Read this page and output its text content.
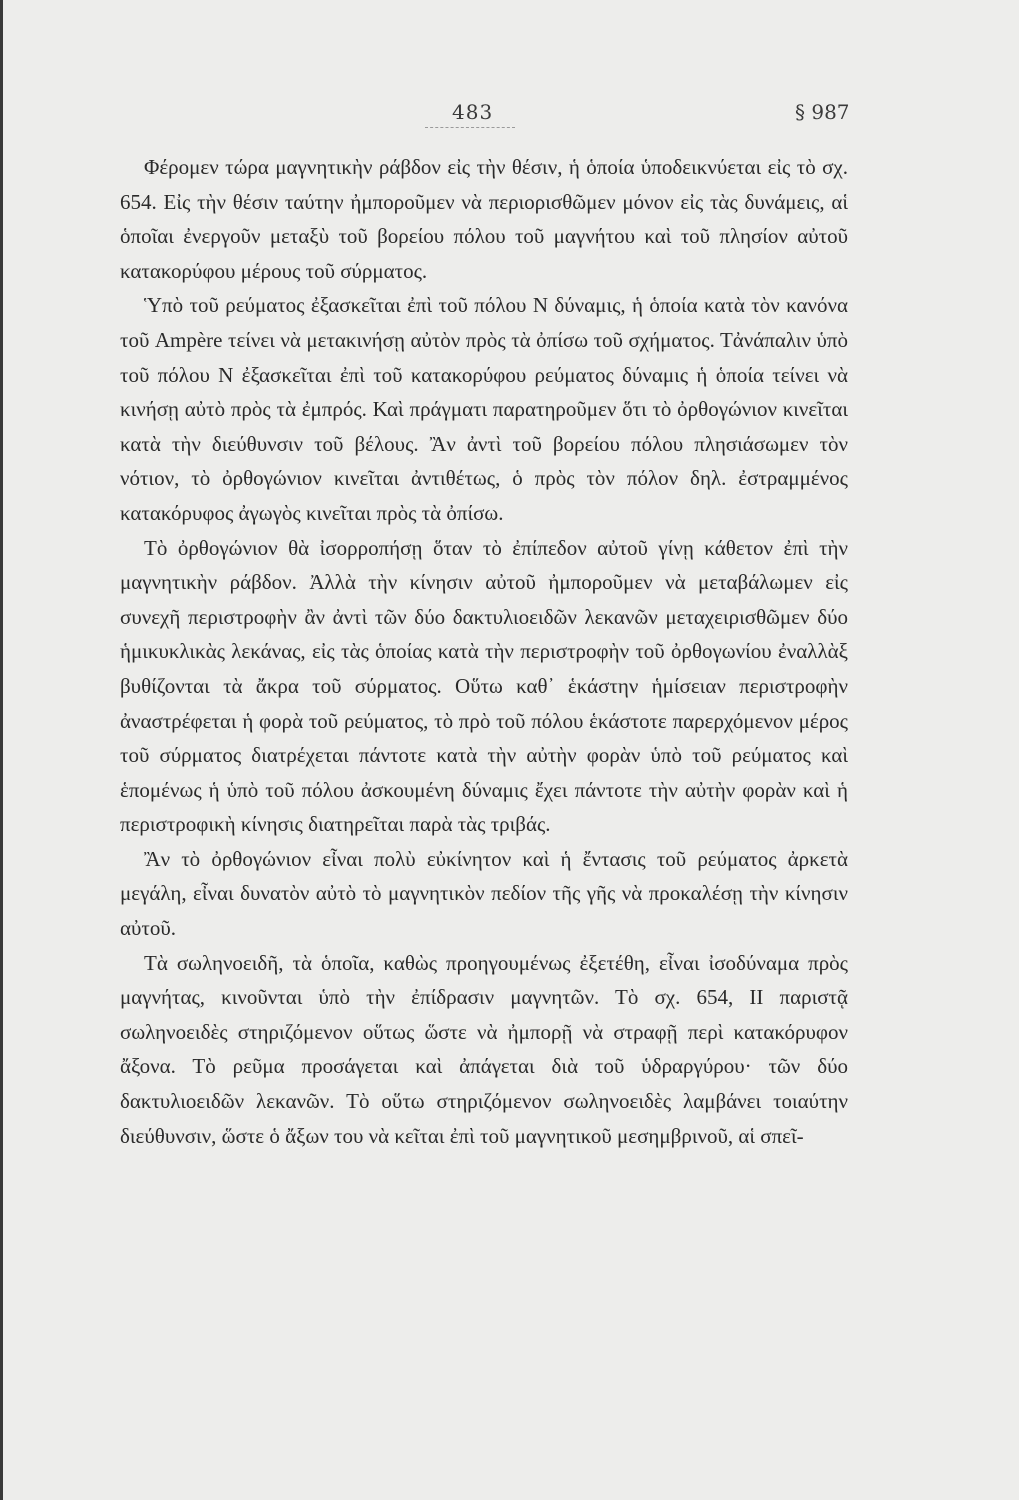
483	§ 987

Φέρομεν τώρα μαγνητικὴν ράβδον εἰς τὴν θέσιν, ἡ ὁποία ὑποδεικνύεται εἰς τὸ σχ. 654. Εἰς τὴν θέσιν ταύτην ἠμποροῦμεν νὰ περιορισθῶμεν μόνον εἰς τὰς δυνάμεις, αἱ ὁποῖαι ἐνεργοῦν μεταξὺ τοῦ βορείου πόλου τοῦ μαγνήτου καὶ τοῦ πλησίον αὐτοῦ κατακορύφου μέρους τοῦ σύρματος.

Ὑπὸ τοῦ ρεύματος ἐξασκεῖται ἐπὶ τοῦ πόλου Ν δύναμις, ἡ ὁποία κατὰ τὸν κανόνα τοῦ Ampère τείνει νὰ μετακινήσῃ αὐτὸν πρὸς τὰ ὀπίσω τοῦ σχήματος. Τἀνάπαλιν ὑπὸ τοῦ πόλου Ν ἐξασκεῖται ἐπὶ τοῦ κατακορύφου ρεύματος δύναμις ἡ ὁποία τείνει νὰ κινήσῃ αὐτὸ πρὸς τὰ ἐμπρός. Καὶ πράγματι παρατηροῦμεν ὅτι τὸ ὀρθογώνιον κινεῖται κατὰ τὴν διεύθυνσιν τοῦ βέλους. Ἂν ἀντὶ τοῦ βορείου πόλου πλησιάσωμεν τὸν νότιον, τὸ ὀρθογώνιον κινεῖται ἀντιθέτως, ὁ πρὸς τὸν πόλον δηλ. ἐστραμμένος κατακόρυφος ἀγωγὸς κινεῖται πρὸς τὰ ὀπίσω.

Τὸ ὀρθογώνιον θὰ ἰσορροπήσῃ ὅταν τὸ ἐπίπεδον αὐτοῦ γίνῃ κάθετον ἐπὶ τὴν μαγνητικὴν ράβδον. Ἀλλὰ τὴν κίνησιν αὐτοῦ ἠμποροῦμεν νὰ μεταβάλωμεν εἰς συνεχῆ περιστροφὴν ἂν ἀντὶ τῶν δύο δακτυλιοειδῶν λεκανῶν μεταχειρισθῶμεν δύο ἡμικυκλικὰς λεκάνας, εἰς τὰς ὁποίας κατὰ τὴν περιστροφὴν τοῦ ὀρθογωνίου ἐναλλὰξ βυθίζονται τὰ ἄκρα τοῦ σύρματος. Οὕτω καθ᾽ ἑκάστην ἡμίσειαν περιστροφὴν ἀναστρέφεται ἡ φορὰ τοῦ ρεύματος, τὸ πρὸ τοῦ πόλου ἑκάστοτε παρερχόμενον μέρος τοῦ σύρματος διατρέχεται πάντοτε κατὰ τὴν αὐτὴν φορὰν ὑπὸ τοῦ ρεύματος καὶ ἑπομένως ἡ ὑπὸ τοῦ πόλου ἀσκουμένη δύναμις ἔχει πάντοτε τὴν αὐτὴν φορὰν καὶ ἡ περιστροφικὴ κίνησις διατηρεῖται παρὰ τὰς τριβάς.

Ἂν τὸ ὀρθογώνιον εἶναι πολὺ εὐκίνητον καὶ ἡ ἔντασις τοῦ ρεύματος ἀρκετὰ μεγάλη, εἶναι δυνατὸν αὐτὸ τὸ μαγνητικὸν πεδίον τῆς γῆς νὰ προκαλέσῃ τὴν κίνησιν αὐτοῦ.

Τὰ σωληνοειδῆ, τὰ ὁποῖα, καθὼς προηγουμένως ἐξετέθη, εἶναι ἰσοδύναμα πρὸς μαγνήτας, κινοῦνται ὑπὸ τὴν ἐπίδρασιν μαγνητῶν. Τὸ σχ. 654, II παριστᾷ σωληνοειδὲς στηριζόμενον οὕτως ὥστε νὰ ἠμπορῇ νὰ στραφῇ περὶ κατακόρυφον ἄξονα. Τὸ ρεῦμα προσάγεται καὶ ἀπάγεται διὰ τοῦ ὑδραργύρου· τῶν δύο δακτυλιοειδῶν λεκανῶν. Τὸ οὕτω στηριζόμενον σωληνοειδὲς λαμβάνει τοιαύτην διεύθυνσιν, ὥστε ὁ ἄξων του νὰ κεῖται ἐπὶ τοῦ μαγνητικοῦ μεσημβρινοῦ, αἱ σπεῖ-
